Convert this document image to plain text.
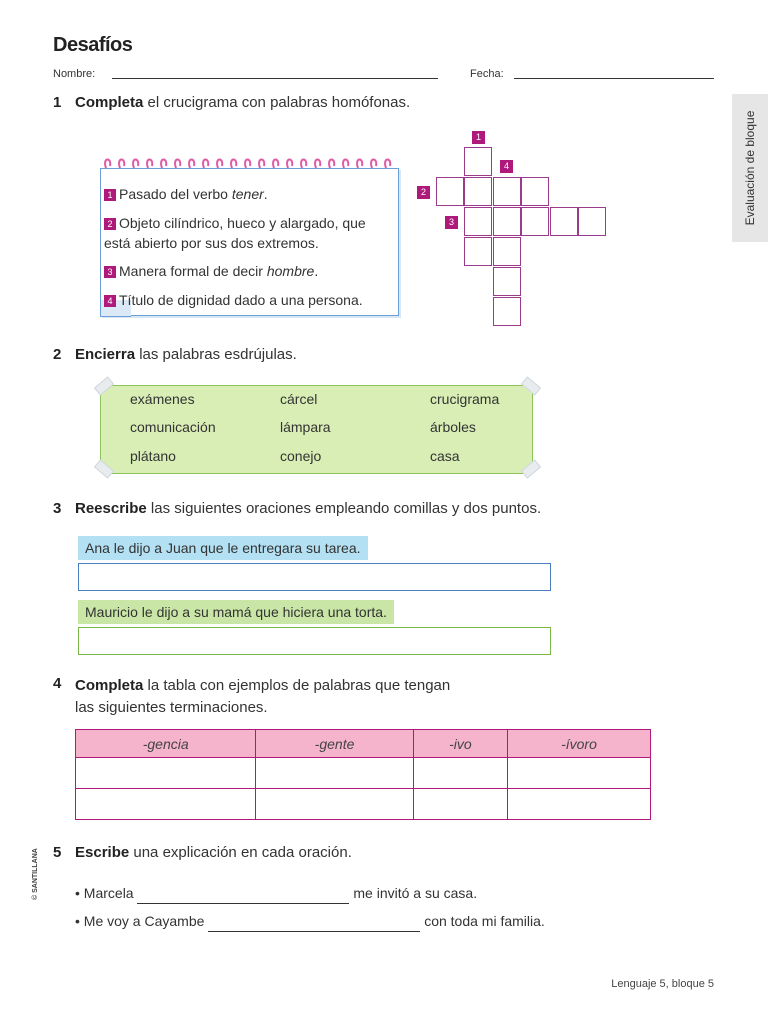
Desafíos
Nombre:	Fecha:
Evaluación de bloque
1 Completa el crucigrama con palabras homófonas.
1 Pasado del verbo tener.
2 Objeto cilíndrico, hueco y alargado, que está abierto por sus dos extremos.
3 Manera formal de decir hombre.
4 Título de dignidad dado a una persona.
1
4
2
3
2 Encierra las palabras esdrújulas.
exámenes	cárcel	crucigrama
comunicación	lámpara	árboles
plátano	conejo	casa
3 Reescribe las siguientes oraciones empleando comillas y dos puntos.
Ana le dijo a Juan que le entregara su tarea.
Mauricio le dijo a su mamá que hiciera una torta.
4 Completa la tabla con ejemplos de palabras que tengan
las siguientes terminaciones.
-gencia	-gente	-ivo	-ívoro

5 Escribe una explicación en cada oración.
• Marcela	me invitó a su casa.
• Me voy a Cayambe	con toda mi familia.
© SANTILLANA
Lenguaje 5, bloque 5
